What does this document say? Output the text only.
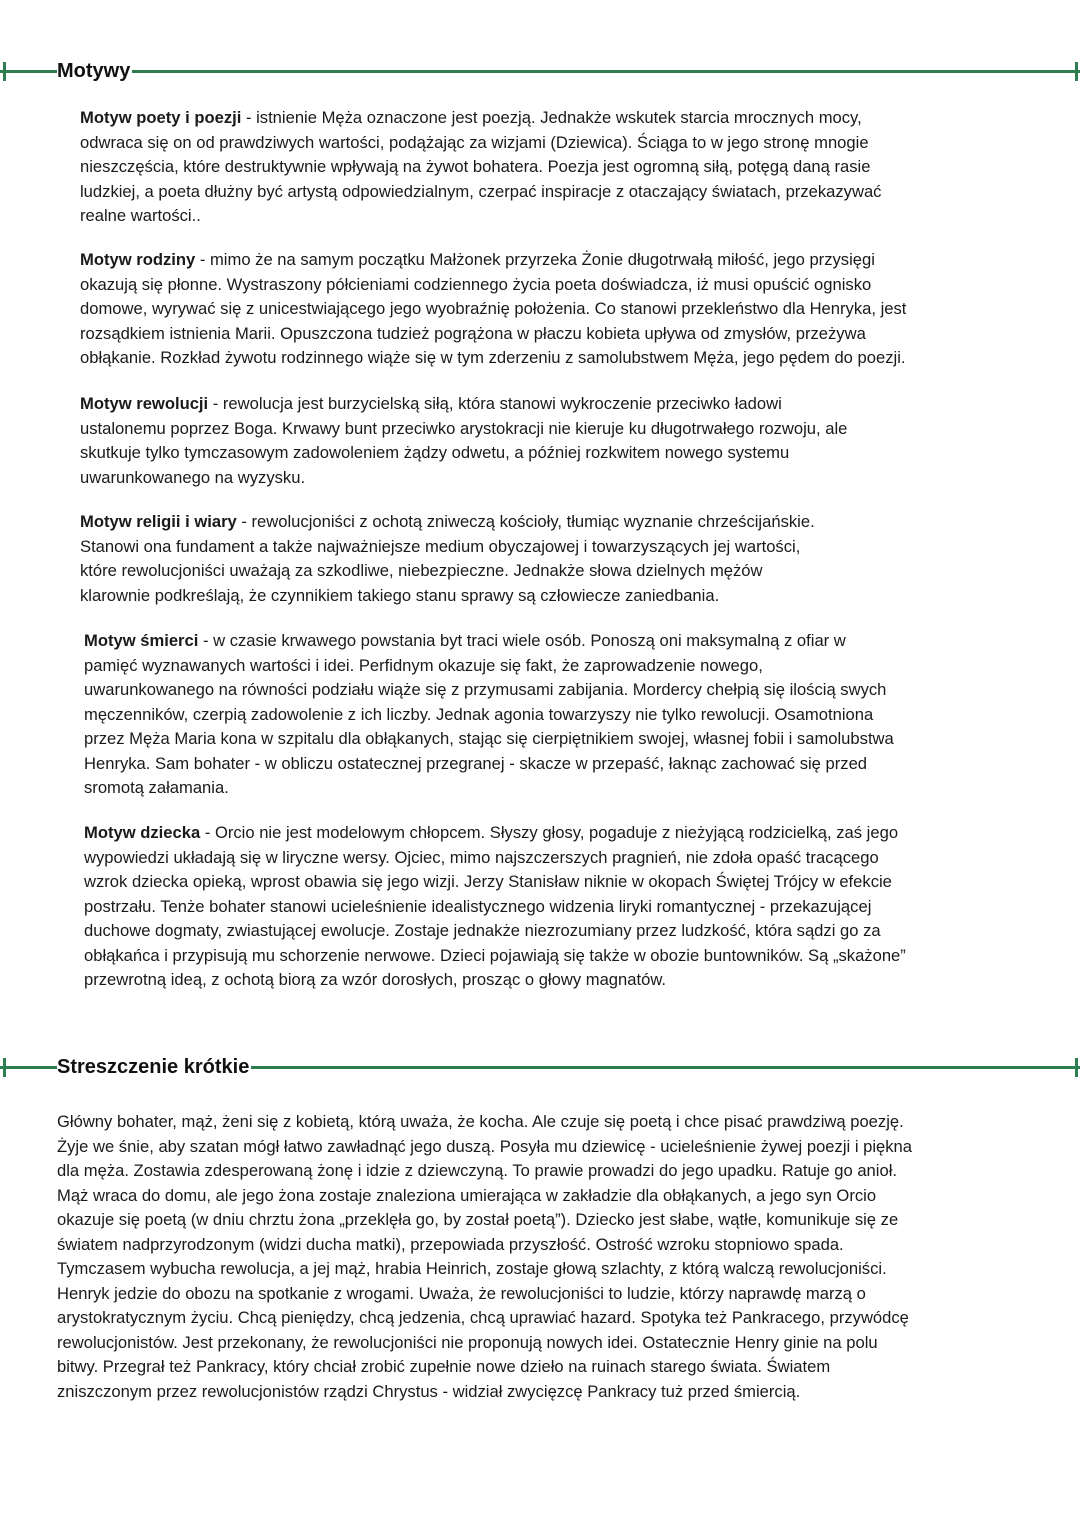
Motywy

Motyw poety i poezji - istnienie Męża oznaczone jest poezją. Jednakże wskutek starcia mrocznych mocy,

odwraca się on od prawdziwych wartości, podążając za wizjami (Dziewica). Ściąga to w jego stronę mnogie

nieszczęścia, które destruktywnie wpływają na żywot bohatera. Poezja jest ogromną siłą, potęgą daną rasie

ludzkiej, a poeta dłużny być artystą odpowiedzialnym, czerpać inspiracje z otaczający światach, przekazywać

realne wartości..

Motyw rodziny - mimo że na samym początku Małżonek przyrzeka Żonie długotrwałą miłość, jego przysięgi

okazują się płonne. Wystraszony półcieniami codziennego życia poeta doświadcza, iż musi opuścić ognisko

domowe, wyrywać się z unicestwiającego jego wyobraźnię położenia. Co stanowi przekleństwo dla Henryka, jest

rozsądkiem istnienia Marii. Opuszczona tudzież pogrążona w płaczu kobieta upływa od zmysłów, przeżywa

obłąkanie. Rozkład żywotu rodzinnego wiąże się w tym zderzeniu z samolubstwem Męża, jego pędem do poezji.

Motyw rewolucji - rewolucja jest burzycielską siłą, która stanowi wykroczenie przeciwko ładowi

ustalonemu poprzez Boga. Krwawy bunt przeciwko arystokracji nie kieruje ku długotrwałego rozwoju, ale

skutkuje tylko tymczasowym zadowoleniem żądzy odwetu, a później rozkwitem nowego systemu

uwarunkowanego na wyzysku.

Motyw religii i wiary - rewolucjoniści z ochotą zniweczą kościoły, tłumiąc wyznanie chrześcijańskie.

Stanowi ona fundament a także najważniejsze medium obyczajowej i towarzyszących jej wartości,

które rewolucjoniści uważają za szkodliwe, niebezpieczne. Jednakże słowa dzielnych mężów

klarownie podkreślają, że czynnikiem takiego stanu sprawy są człowiecze zaniedbania.

Motyw śmierci - w czasie krwawego powstania byt traci wiele osób. Ponoszą oni maksymalną z ofiar w

pamięć wyznawanych wartości i idei. Perfidnym okazuje się fakt, że zaprowadzenie nowego,

uwarunkowanego na równości podziału wiąże się z przymusami zabijania. Mordercy chełpią się ilością swych

męczenników, czerpią zadowolenie z ich liczby. Jednak agonia towarzyszy nie tylko rewolucji. Osamotniona

przez Męża Maria kona w szpitalu dla obłąkanych, stając się cierpiętnikiem swojej, własnej fobii i samolubstwa

Henryka. Sam bohater - w obliczu ostatecznej przegranej - skacze w przepaść, łaknąc zachować się przed

sromotą załamania.

Motyw dziecka - Orcio nie jest modelowym chłopcem. Słyszy głosy, pogaduje z nieżyjącą rodzicielką, zaś jego

wypowiedzi układają się w liryczne wersy. Ojciec, mimo najszczerszych pragnień, nie zdoła opaść tracącego

wzrok dziecka opieką, wprost obawia się jego wizji. Jerzy Stanisław niknie w okopach Świętej Trójcy w efekcie

postrzału. Tenże bohater stanowi ucieleśnienie idealistycznego widzenia liryki romantycznej - przekazującej

duchowe dogmaty, zwiastującej ewolucje. Zostaje jednakże niezrozumiany przez ludzkość, która sądzi go za

obłąkańca i przypisują mu schorzenie nerwowe. Dzieci pojawiają się także w obozie buntowników. Są „skażone”

przewrotną ideą, z ochotą biorą za wzór dorosłych, prosząc o głowy magnatów.

Streszczenie krótkie

Główny bohater, mąż, żeni się z kobietą, którą uważa, że kocha. Ale czuje się poetą i chce pisać prawdziwą poezję.

Żyje we śnie, aby szatan mógł łatwo zawładnąć jego duszą. Posyła mu dziewicę - ucieleśnienie żywej poezji i piękna

dla męża. Zostawia zdesperowaną żonę i idzie z dziewczyną. To prawie prowadzi do jego upadku. Ratuje go anioł.

Mąż wraca do domu, ale jego żona zostaje znaleziona umierająca w zakładzie dla obłąkanych, a jego syn Orcio

okazuje się poetą (w dniu chrztu żona „przeklęła go, by został poetą”). Dziecko jest słabe, wątłe, komunikuje się ze

światem nadprzyrodzonym (widzi ducha matki), przepowiada przyszłość. Ostrość wzroku stopniowo spada.

Tymczasem wybucha rewolucja, a jej mąż, hrabia Heinrich, zostaje głową szlachty, z którą walczą rewolucjoniści.

Henryk jedzie do obozu na spotkanie z wrogami. Uważa, że rewolucjoniści to ludzie, którzy naprawdę marzą o

arystokratycznym życiu. Chcą pieniędzy, chcą jedzenia, chcą uprawiać hazard. Spotyka też Pankracego, przywódcę

rewolucjonistów. Jest przekonany, że rewolucjoniści nie proponują nowych idei. Ostatecznie Henry ginie na polu

bitwy. Przegrał też Pankracy, który chciał zrobić zupełnie nowe dzieło na ruinach starego świata. Światem

zniszczonym przez rewolucjonistów rządzi Chrystus - widział zwycięzcę Pankracy tuż przed śmiercią.
